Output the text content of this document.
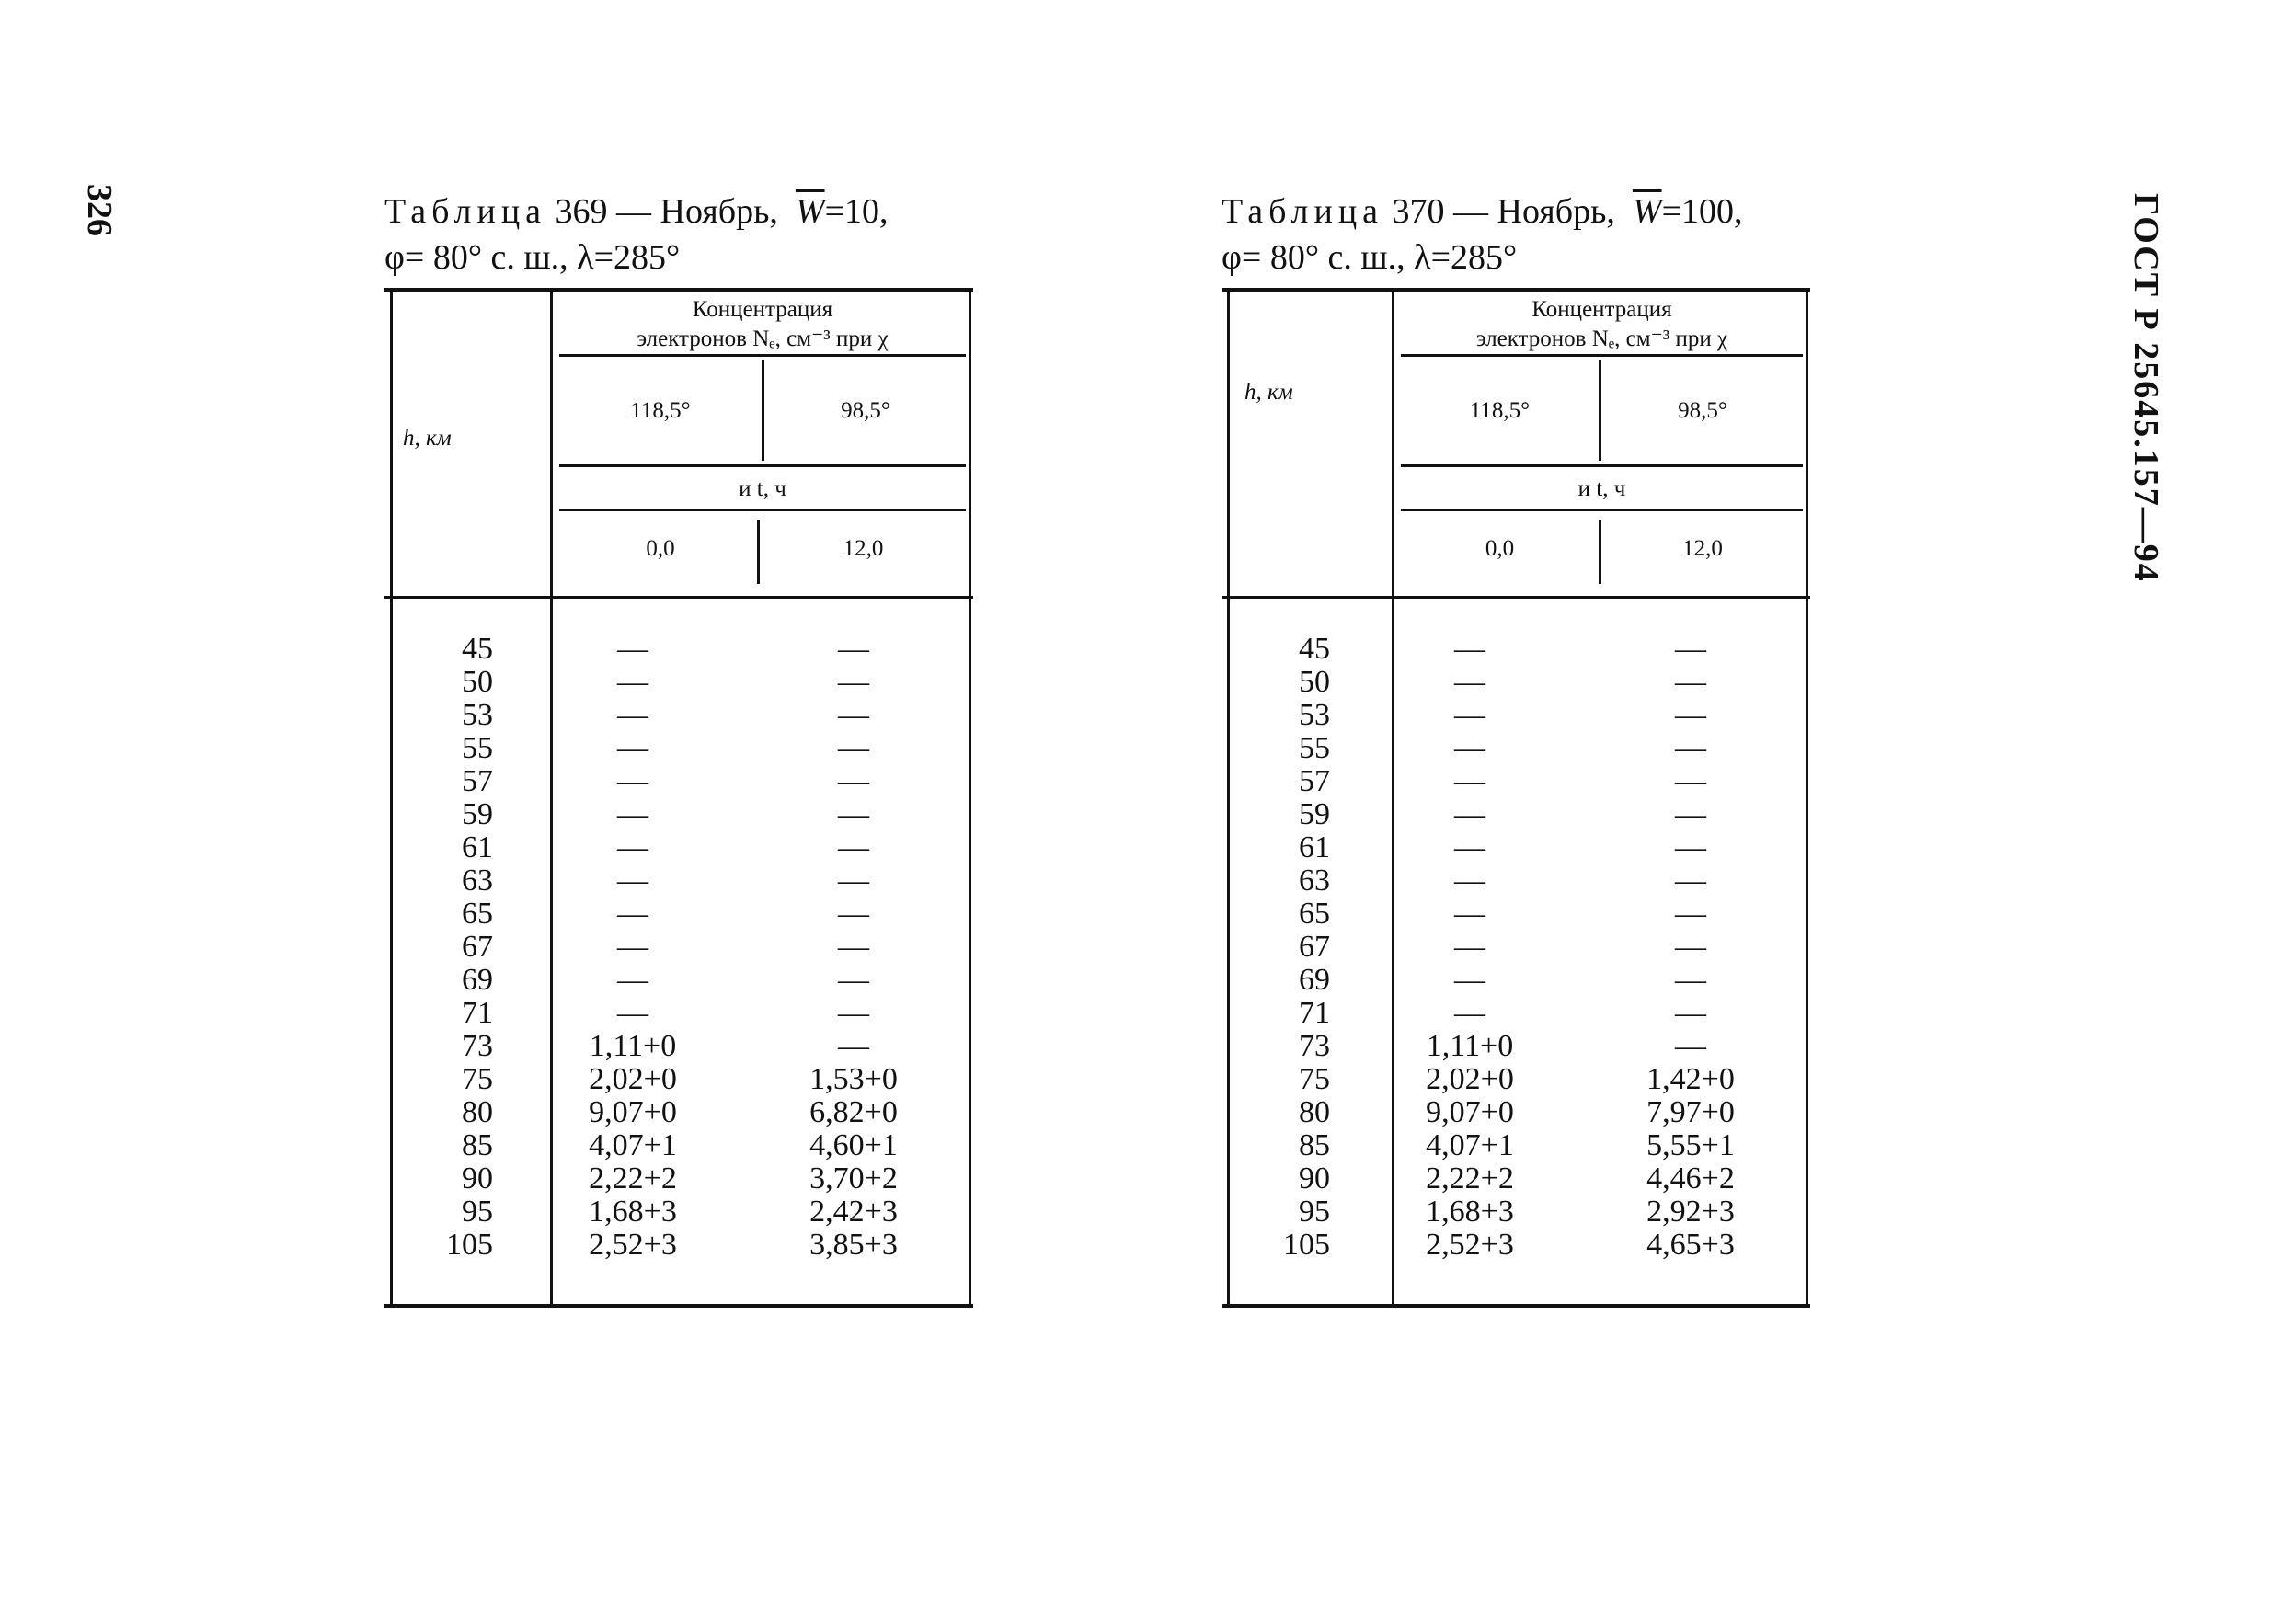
326	ГОСТ Р 25645.157—94
Таблица 369 — Ноябрь, $\overline{W}=10$,
φ= 80° с. ш., λ=285°
h, км
Концентрация
электронов Nₑ, см⁻³ при χ
118,5°	98,5°
и t, ч
0,0	12,0
45	—	—
50	—	—
53	—	—
55	—	—
57	—	—
59	—	—
61	—	—
63	—	—
65	—	—
67	—	—
69	—	—
71	—	—
73	1,11+0	—
75	2,02+0	1,53+0
80	9,07+0	6,82+0
85	4,07+1	4,60+1
90	2,22+2	3,70+2
95	1,68+3	2,42+3
105	2,52+3	3,85+3
Таблица 370 — Ноябрь, $\overline{W}=100$,
φ= 80° с. ш., λ=285°
h, км
Концентрация
электронов Nₑ, см⁻³ при χ
118,5°	98,5°
и t, ч
0,0	12,0
45	—	—
50	—	—
53	—	—
55	—	—
57	—	—
59	—	—
61	—	—
63	—	—
65	—	—
67	—	—
69	—	—
71	—	—
73	1,11+0	—
75	2,02+0	1,42+0
80	9,07+0	7,97+0
85	4,07+1	5,55+1
90	2,22+2	4,46+2
95	1,68+3	2,92+3
105	2,52+3	4,65+3
